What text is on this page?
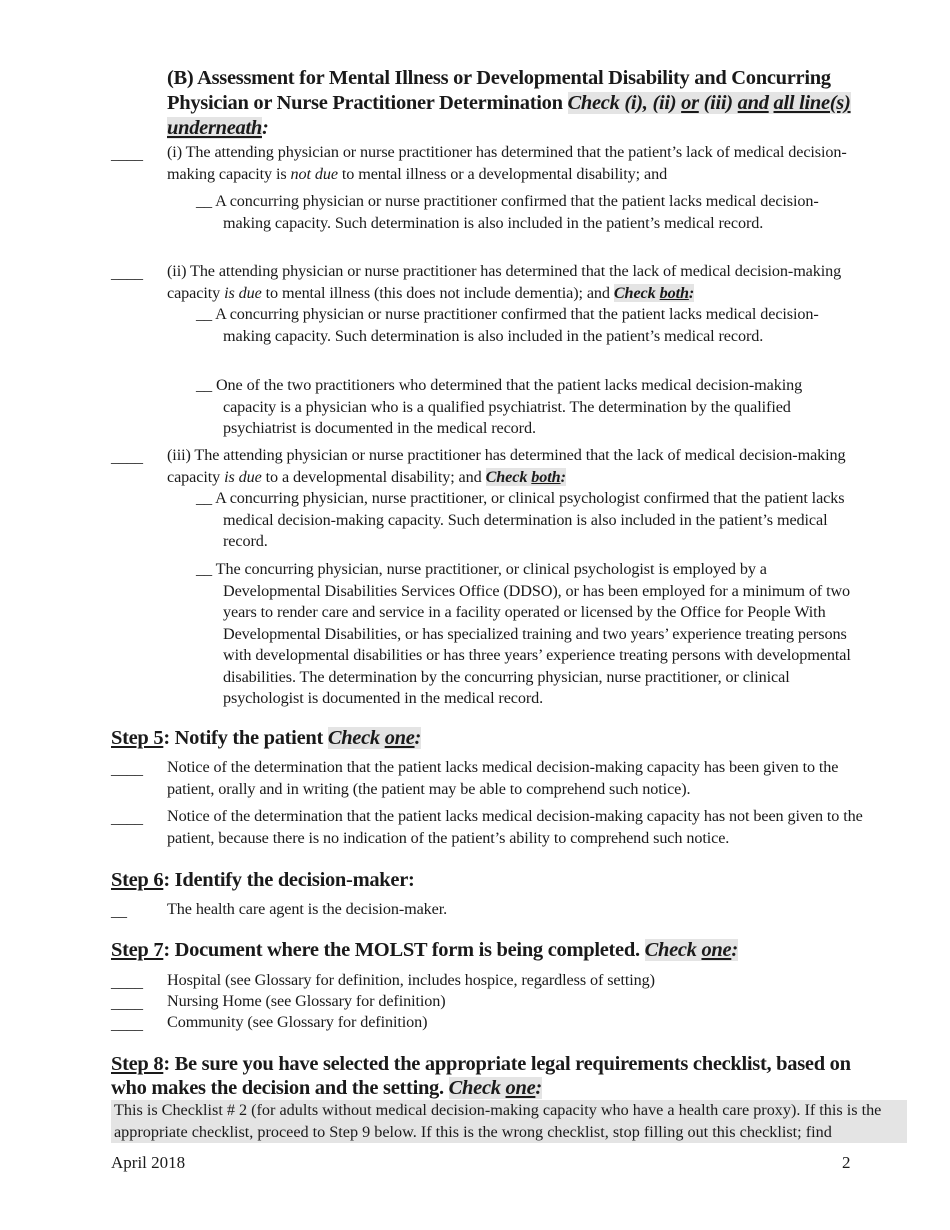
(B) Assessment for Mental Illness or Developmental Disability and Concurring Physician or Nurse Practitioner Determination Check (i), (ii) or (iii) and all line(s) underneath:
____ (i) The attending physician or nurse practitioner has determined that the patient’s lack of medical decision-making capacity is not due to mental illness or a developmental disability; and
__ A concurring physician or nurse practitioner confirmed that the patient lacks medical decision-making capacity. Such determination is also included in the patient’s medical record.
____ (ii) The attending physician or nurse practitioner has determined that the lack of medical decision-making capacity is due to mental illness (this does not include dementia); and Check both:
__ A concurring physician or nurse practitioner confirmed that the patient lacks medical decision-making capacity. Such determination is also included in the patient’s medical record.
__ One of the two practitioners who determined that the patient lacks medical decision-making capacity is a physician who is a qualified psychiatrist. The determination by the qualified psychiatrist is documented in the medical record.
____ (iii) The attending physician or nurse practitioner has determined that the lack of medical decision-making capacity is due to a developmental disability; and Check both:
__ A concurring physician, nurse practitioner, or clinical psychologist confirmed that the patient lacks medical decision-making capacity. Such determination is also included in the patient’s medical record.
__ The concurring physician, nurse practitioner, or clinical psychologist is employed by a Developmental Disabilities Services Office (DDSO), or has been employed for a minimum of two years to render care and service in a facility operated or licensed by the Office for People With Developmental Disabilities, or has specialized training and two years’ experience treating persons with developmental disabilities or has three years’ experience treating persons with developmental disabilities. The determination by the concurring physician, nurse practitioner, or clinical psychologist is documented in the medical record.
Step 5: Notify the patient Check one:
____ Notice of the determination that the patient lacks medical decision-making capacity has been given to the patient, orally and in writing (the patient may be able to comprehend such notice).
____ Notice of the determination that the patient lacks medical decision-making capacity has not been given to the patient, because there is no indication of the patient’s ability to comprehend such notice.
Step 6: Identify the decision-maker:
__ The health care agent is the decision-maker.
Step 7: Document where the MOLST form is being completed. Check one:
____ Hospital (see Glossary for definition, includes hospice, regardless of setting)
____ Nursing Home (see Glossary for definition)
____ Community (see Glossary for definition)
Step 8: Be sure you have selected the appropriate legal requirements checklist, based on who makes the decision and the setting. Check one:
This is Checklist # 2 (for adults without medical decision-making capacity who have a health care proxy). If this is the appropriate checklist, proceed to Step 9 below. If this is the wrong checklist, stop filling out this checklist; find
April 2018	2
